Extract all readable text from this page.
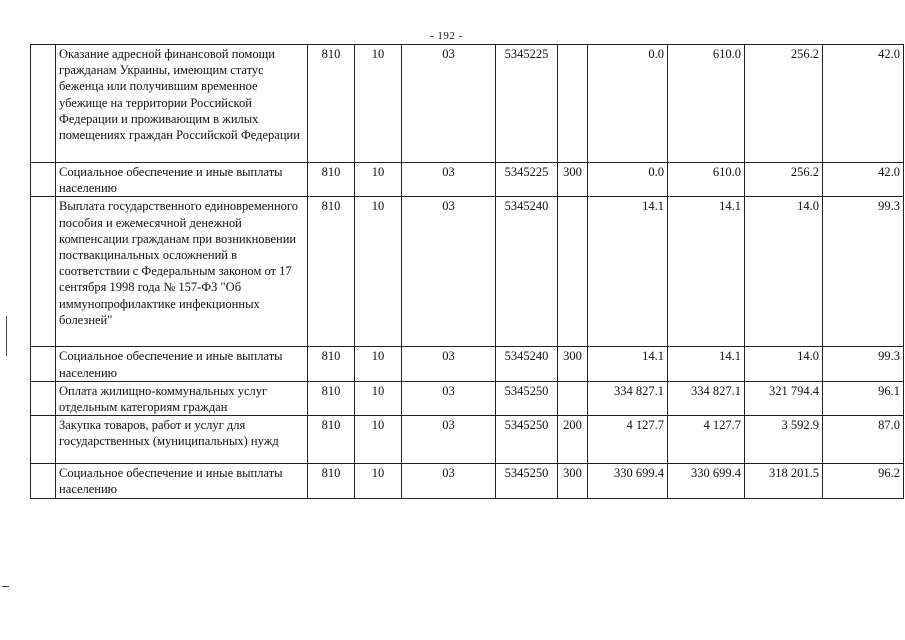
- 192 -
	Оказание адресной финансовой помощи гражданам Украины, имеющим статус беженца или получившим временное убежище на территории Российской Федерации и проживающим в жилых помещениях граждан Российской Федерации	810	10	03	5345225		0.0	610.0	256.2	42.0
	Социальное обеспечение и иные выплаты населению	810	10	03	5345225	300	0.0	610.0	256.2	42.0
	Выплата государственного единовременного пособия и ежемесячной денежной компенсации гражданам при возникновении поствакцинальных осложнений в соответствии с Федеральным законом от 17 сентября 1998 года № 157-ФЗ "Об иммунопрофилактике инфекционных болезней"	810	10	03	5345240		14.1	14.1	14.0	99.3
	Социальное обеспечение и иные выплаты населению	810	10	03	5345240	300	14.1	14.1	14.0	99.3
	Оплата жилищно-коммунальных услуг отдельным категориям граждан	810	10	03	5345250		334 827.1	334 827.1	321 794.4	96.1
	Закупка товаров, работ и услуг для государственных (муниципальных) нужд	810	10	03	5345250	200	4 127.7	4 127.7	3 592.9	87.0
	Социальное обеспечение и иные выплаты населению	810	10	03	5345250	300	330 699.4	330 699.4	318 201.5	96.2
